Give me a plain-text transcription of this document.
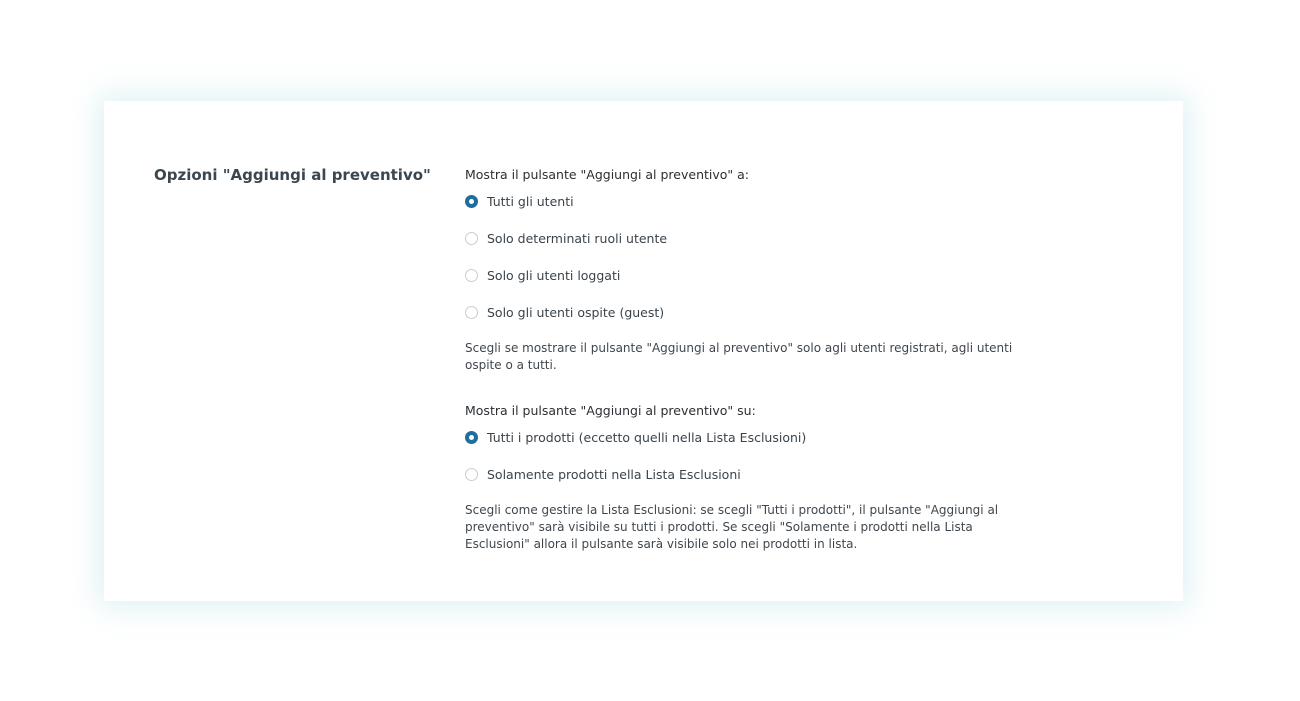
Opzioni "Aggiungi al preventivo"	Mostra il pulsante "Aggiungi al preventivo" a:
Tutti gli utenti
Solo determinati ruoli utente
Solo gli utenti loggati
Solo gli utenti ospite (guest)

Scegli se mostrare il pulsante "Aggiungi al preventivo" solo agli utenti registrati, agli utenti ospite o a tutti.

Mostra il pulsante "Aggiungi al preventivo" su:
Tutti i prodotti (eccetto quelli nella Lista Esclusioni)
Solamente prodotti nella Lista Esclusioni

Scegli come gestire la Lista Esclusioni: se scegli "Tutti i prodotti", il pulsante "Aggiungi al preventivo" sarà visibile su tutti i prodotti. Se scegli "Solamente i prodotti nella Lista Esclusioni" allora il pulsante sarà visibile solo nei prodotti in lista.
